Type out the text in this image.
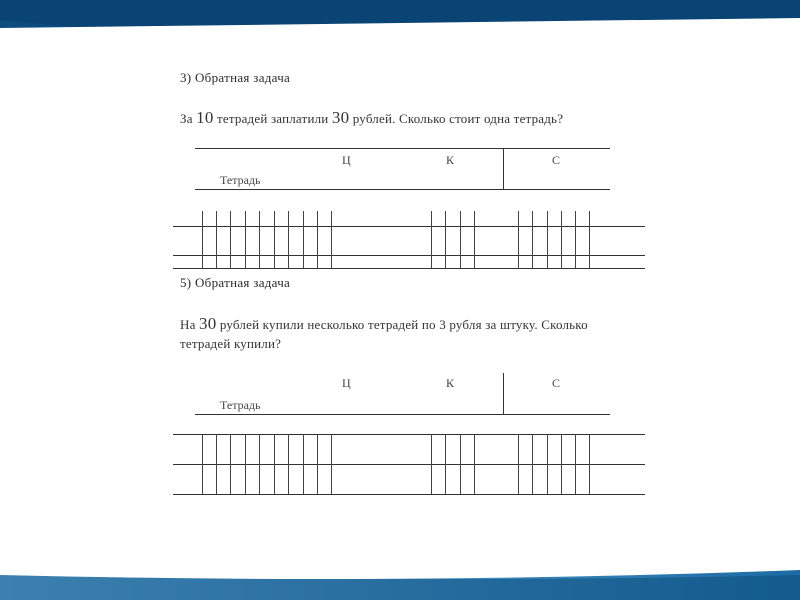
3) Обратная задача
За 10 тетрадей заплатили 30 рублей. Сколько стоит одна тетрадь?
Ц	К	С
Тетрадь
5) Обратная задача
На 30 рублей купили несколько тетрадей по 3 рубля за штуку. Сколько
тетрадей купили?
Ц	К	С
Тетрадь
